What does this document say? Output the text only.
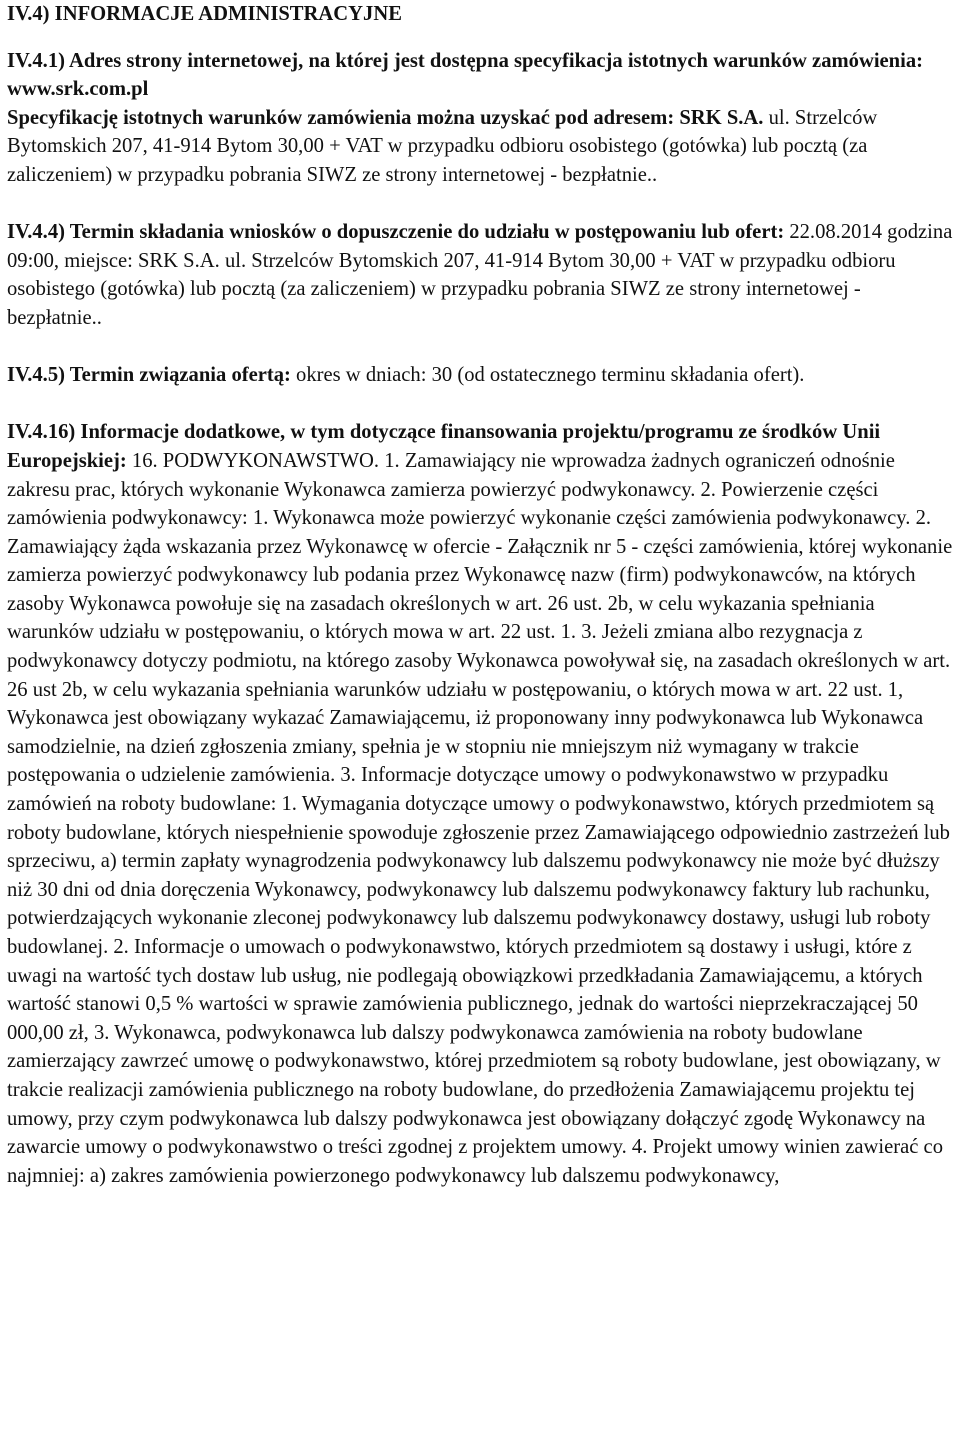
IV.4) INFORMACJE ADMINISTRACYJNE

IV.4.1) Adres strony internetowej, na której jest dostępna specyfikacja istotnych warunków zamówienia: www.srk.com.pl
Specyfikację istotnych warunków zamówienia można uzyskać pod adresem: SRK S.A. ul. Strzelców Bytomskich 207, 41-914 Bytom 30,00 + VAT w przypadku odbioru osobistego (gotówka) lub pocztą (za zaliczeniem) w przypadku pobrania SIWZ ze strony internetowej - bezpłatnie..

IV.4.4) Termin składania wniosków o dopuszczenie do udziału w postępowaniu lub ofert: 22.08.2014 godzina 09:00, miejsce: SRK S.A. ul. Strzelców Bytomskich 207, 41-914 Bytom 30,00 + VAT w przypadku odbioru osobistego (gotówka) lub pocztą (za zaliczeniem) w przypadku pobrania SIWZ ze strony internetowej - bezpłatnie..

IV.4.5) Termin związania ofertą: okres w dniach: 30 (od ostatecznego terminu składania ofert).

IV.4.16) Informacje dodatkowe, w tym dotyczące finansowania projektu/programu ze środków Unii Europejskiej: 16. PODWYKONAWSTWO. 1. Zamawiający nie wprowadza żadnych ograniczeń odnośnie zakresu prac, których wykonanie Wykonawca zamierza powierzyć podwykonawcy. 2. Powierzenie części zamówienia podwykonawcy: 1. Wykonawca może powierzyć wykonanie części zamówienia podwykonawcy. 2. Zamawiający żąda wskazania przez Wykonawcę w ofercie - Załącznik nr 5 - części zamówienia, której wykonanie zamierza powierzyć podwykonawcy lub podania przez Wykonawcę nazw (firm) podwykonawców, na których zasoby Wykonawca powołuje się na zasadach określonych w art. 26 ust. 2b, w celu wykazania spełniania warunków udziału w postępowaniu, o których mowa w art. 22 ust. 1. 3. Jeżeli zmiana albo rezygnacja z podwykonawcy dotyczy podmiotu, na którego zasoby Wykonawca powoływał się, na zasadach określonych w art. 26 ust 2b, w celu wykazania spełniania warunków udziału w postępowaniu, o których mowa w art. 22 ust. 1, Wykonawca jest obowiązany wykazać Zamawiającemu, iż proponowany inny podwykonawca lub Wykonawca samodzielnie, na dzień zgłoszenia zmiany, spełnia je w stopniu nie mniejszym niż wymagany w trakcie postępowania o udzielenie zamówienia. 3. Informacje dotyczące umowy o podwykonawstwo w przypadku zamówień na roboty budowlane: 1. Wymagania dotyczące umowy o podwykonawstwo, których przedmiotem są roboty budowlane, których niespełnienie spowoduje zgłoszenie przez Zamawiającego odpowiednio zastrzeżeń lub sprzeciwu, a) termin zapłaty wynagrodzenia podwykonawcy lub dalszemu podwykonawcy nie może być dłuższy niż 30 dni od dnia doręczenia Wykonawcy, podwykonawcy lub dalszemu podwykonawcy faktury lub rachunku, potwierdzających wykonanie zleconej podwykonawcy lub dalszemu podwykonawcy dostawy, usługi lub roboty budowlanej. 2. Informacje o umowach o podwykonawstwo, których przedmiotem są dostawy i usługi, które z uwagi na wartość tych dostaw lub usług, nie podlegają obowiązkowi przedkładania Zamawiającemu, a których wartość stanowi 0,5 % wartości w sprawie zamówienia publicznego, jednak do wartości nieprzekraczającej 50 000,00 zł, 3. Wykonawca, podwykonawca lub dalszy podwykonawca zamówienia na roboty budowlane zamierzający zawrzeć umowę o podwykonawstwo, której przedmiotem są roboty budowlane, jest obowiązany, w trakcie realizacji zamówienia publicznego na roboty budowlane, do przedłożenia Zamawiającemu projektu tej umowy, przy czym podwykonawca lub dalszy podwykonawca jest obowiązany dołączyć zgodę Wykonawcy na zawarcie umowy o podwykonawstwo o treści zgodnej z projektem umowy. 4. Projekt umowy winien zawierać co najmniej: a) zakres zamówienia powierzonego podwykonawcy lub dalszemu podwykonawcy,
